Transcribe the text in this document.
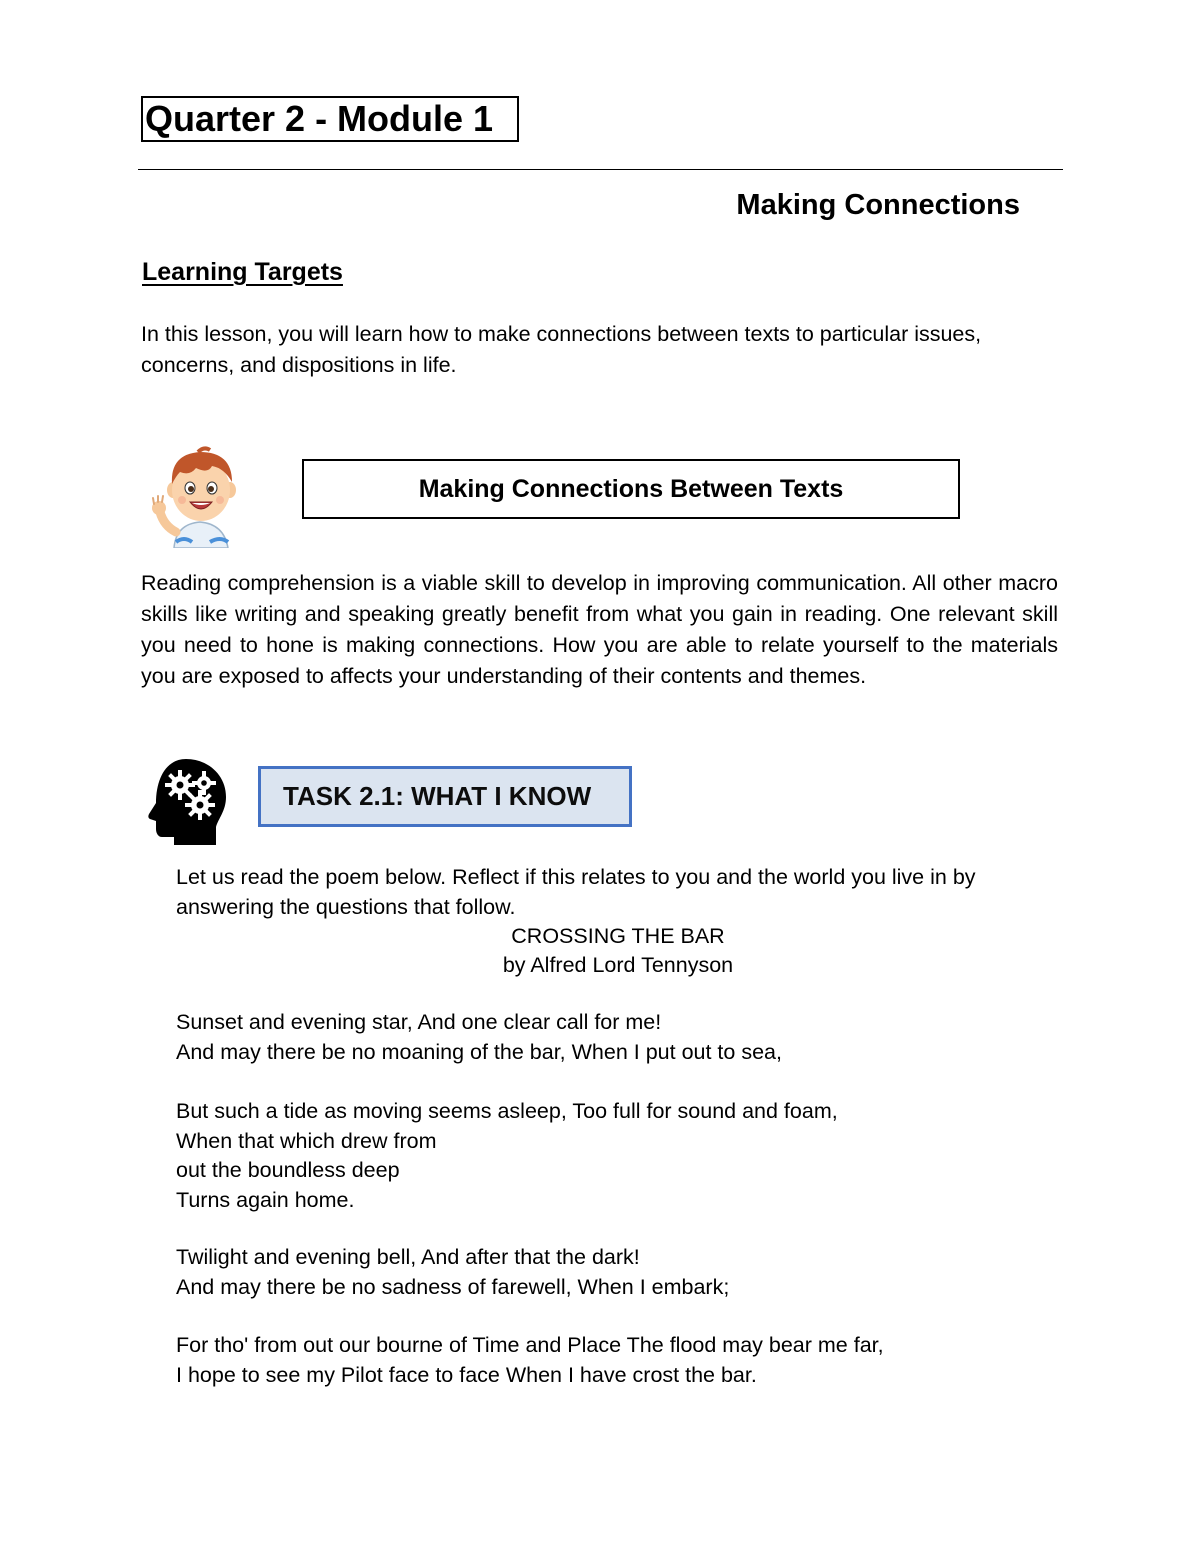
Quarter 2 - Module 1
Making Connections
Learning Targets
In this lesson, you will learn how to make connections between texts to particular issues, concerns, and dispositions in life.
Making Connections Between Texts
Reading comprehension is a viable skill to develop in improving communication. All other macro skills like writing and speaking greatly benefit from what you gain in reading. One relevant skill you need to hone is making connections. How you are able to relate yourself to the materials you are exposed to affects your understanding of their contents and themes.
TASK 2.1: WHAT I KNOW
Let us read the poem below. Reflect if this relates to you and the world you live in by answering the questions that follow.
CROSSING THE BAR
by Alfred Lord Tennyson
Sunset and evening star, And one clear call for me!
And may there be no moaning of the bar, When I put out to sea,
But such a tide as moving seems asleep, Too full for sound and foam,
When that which drew from
out the boundless deep
Turns again home.
Twilight and evening bell, And after that the dark!
And may there be no sadness of farewell, When I embark;
For tho' from out our bourne of Time and Place The flood may bear me far,
I hope to see my Pilot face to face When I have crost the bar.
